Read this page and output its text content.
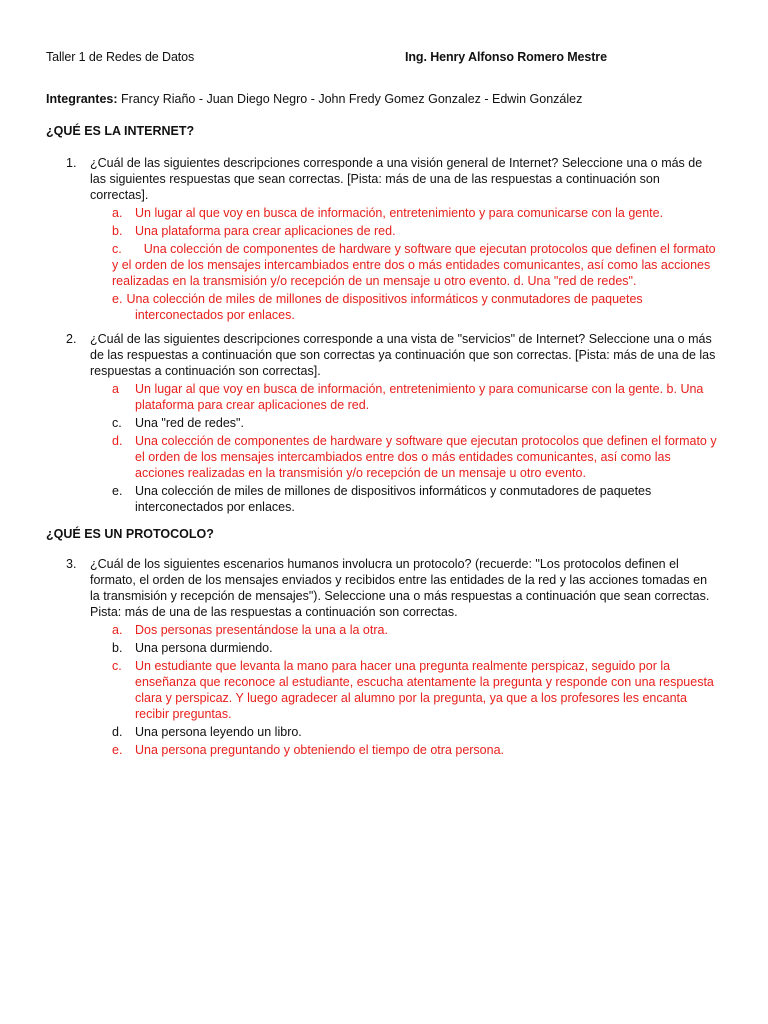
Taller 1 de Redes de Datos	Ing. Henry Alfonso Romero Mestre
Integrantes: Francy Riaño - Juan Diego Negro - John Fredy Gomez Gonzalez - Edwin González
¿QUÉ ES LA INTERNET?
1. ¿Cuál de las siguientes descripciones corresponde a una visión general de Internet? Seleccione una o más de las siguientes respuestas que sean correctas. [Pista: más de una de las respuestas a continuación son correctas].
a. Un lugar al que voy en busca de información, entretenimiento y para comunicarse con la gente.
b. Una plataforma para crear aplicaciones de red.
c. Una colección de componentes de hardware y software que ejecutan protocolos que definen el formato y el orden de los mensajes intercambiados entre dos o más entidades comunicantes, así como las acciones realizadas en la transmisión y/o recepción de un mensaje u otro evento. d. Una "red de redes".
e. Una colección de miles de millones de dispositivos informáticos y conmutadores de paquetes interconectados por enlaces.
2. ¿Cuál de las siguientes descripciones corresponde a una vista de "servicios" de Internet? Seleccione una o más de las respuestas a continuación que son correctas ya continuación que son correctas. [Pista: más de una de las respuestas a continuación son correctas].
a Un lugar al que voy en busca de información, entretenimiento y para comunicarse con la gente. b. Una plataforma para crear aplicaciones de red.
c. Una "red de redes".
d. Una colección de componentes de hardware y software que ejecutan protocolos que definen el formato y el orden de los mensajes intercambiados entre dos o más entidades comunicantes, así como las acciones realizadas en la transmisión y/o recepción de un mensaje u otro evento.
e. Una colección de miles de millones de dispositivos informáticos y conmutadores de paquetes interconectados por enlaces.
¿QUÉ ES UN PROTOCOLO?
3. ¿Cuál de los siguientes escenarios humanos involucra un protocolo? (recuerde: "Los protocolos definen el formato, el orden de los mensajes enviados y recibidos entre las entidades de la red y las acciones tomadas en la transmisión y recepción de mensajes"). Seleccione una o más respuestas a continuación que sean correctas. Pista: más de una de las respuestas a continuación son correctas.
a. Dos personas presentándose la una a la otra.
b. Una persona durmiendo.
c. Un estudiante que levanta la mano para hacer una pregunta realmente perspicaz, seguido por la enseñanza que reconoce al estudiante, escucha atentamente la pregunta y responde con una respuesta clara y perspicaz. Y luego agradecer al alumno por la pregunta, ya que a los profesores les encanta recibir preguntas.
d. Una persona leyendo un libro.
e. Una persona preguntando y obteniendo el tiempo de otra persona.
